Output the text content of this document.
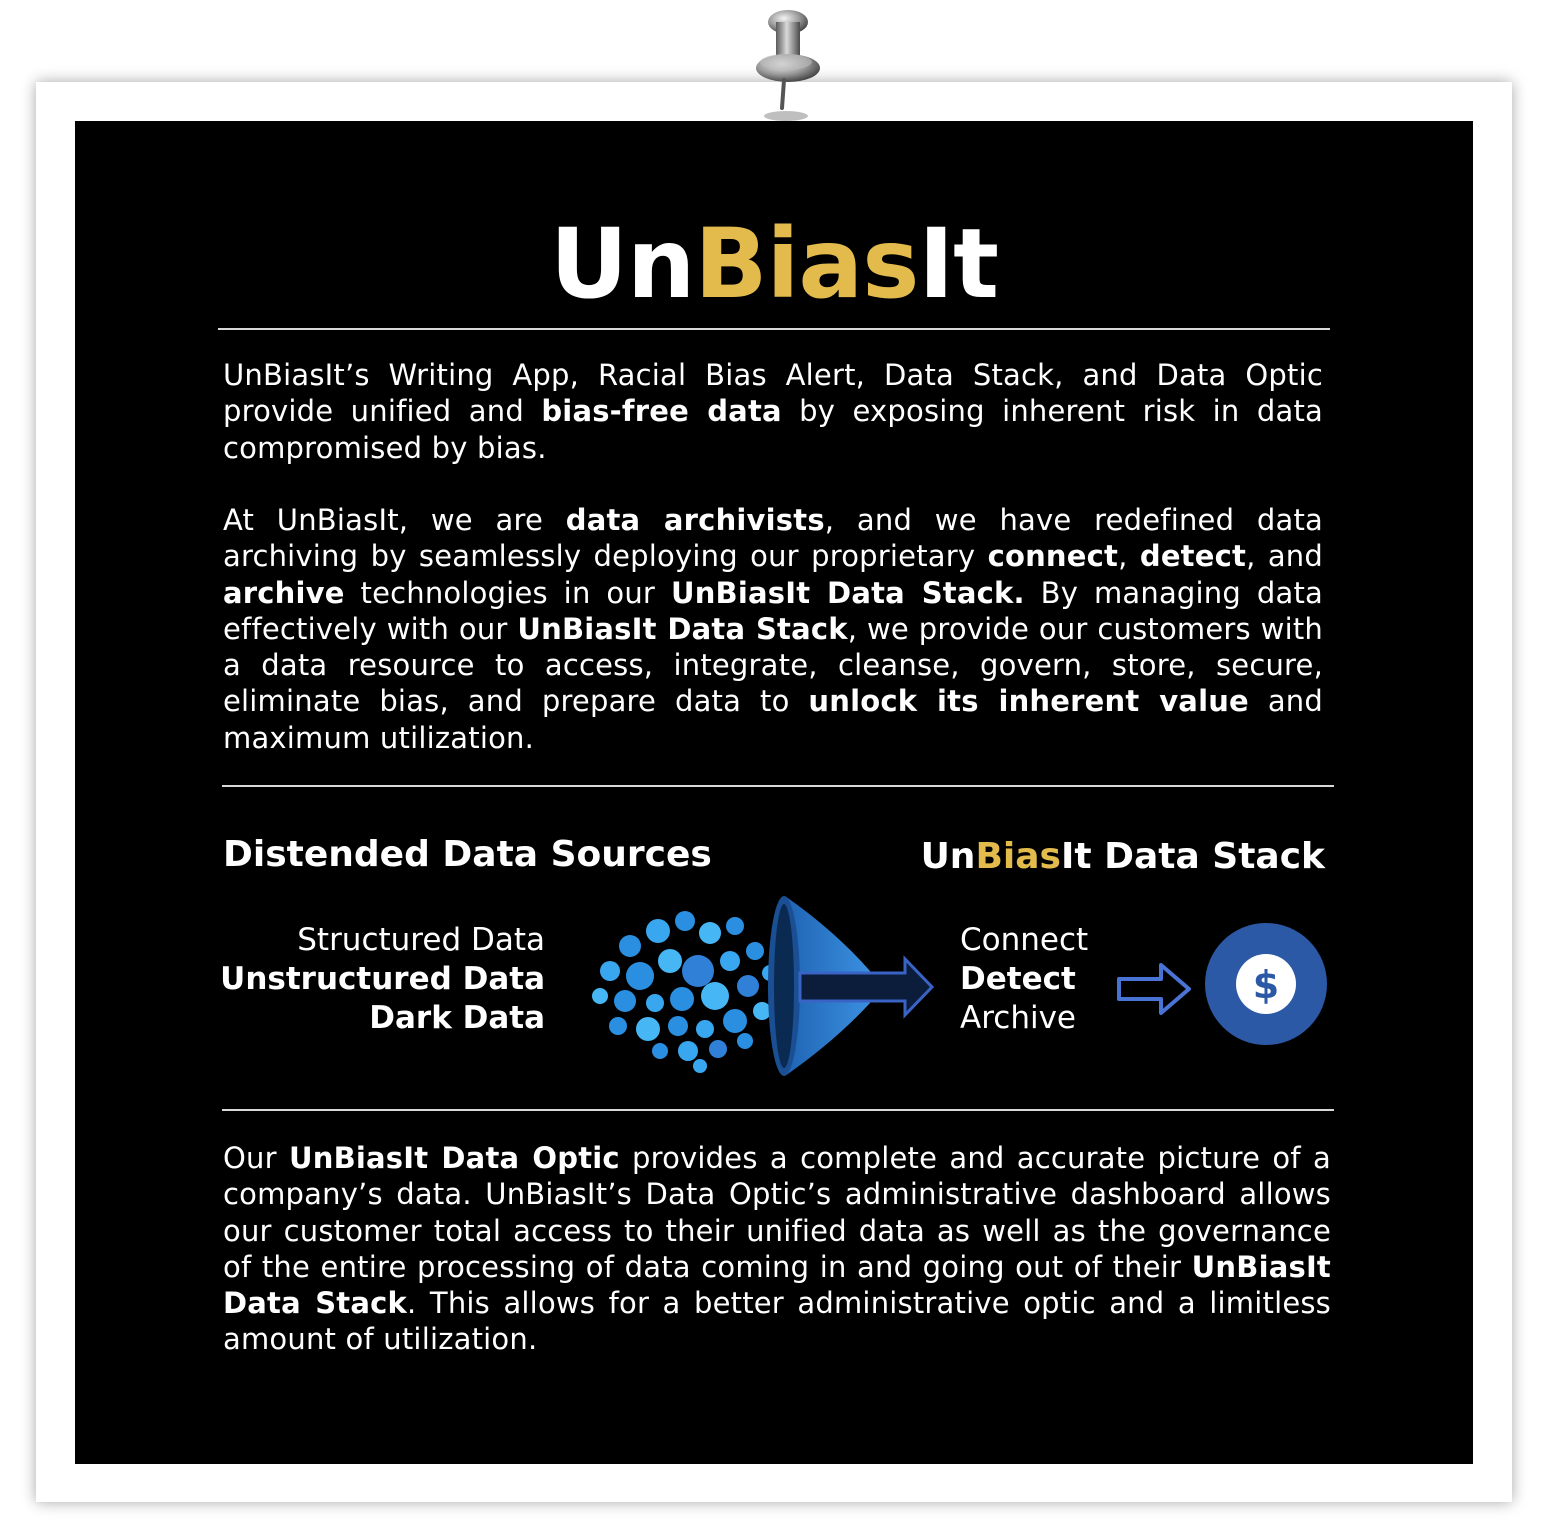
UnBiasIt

UnBiasIt’s Writing App, Racial Bias Alert, Data Stack, and Data Optic provide unified and bias-free data by exposing inherent risk in data compromised by bias.

At UnBiasIt, we are data archivists, and we have redefined data archiving by seamlessly deploying our proprietary connect, detect, and archive technologies in our UnBiasIt Data Stack. By managing data effectively with our UnBiasIt Data Stack, we provide our customers with a data resource to access, integrate, cleanse, govern, store, secure, eliminate bias, and prepare data to unlock its inherent value and maximum utilization.

Distended Data Sources	UnBiasIt Data Stack
Structured Data
Unstructured Data
Dark Data
Connect
Detect
Archive
$

Our UnBiasIt Data Optic provides a complete and accurate picture of a company’s data. UnBiasIt’s Data Optic’s administrative dashboard allows our customer total access to their unified data as well as the governance of the entire processing of data coming in and going out of their UnBiasIt Data Stack. This allows for a better administrative optic and a limitless amount of utilization.
